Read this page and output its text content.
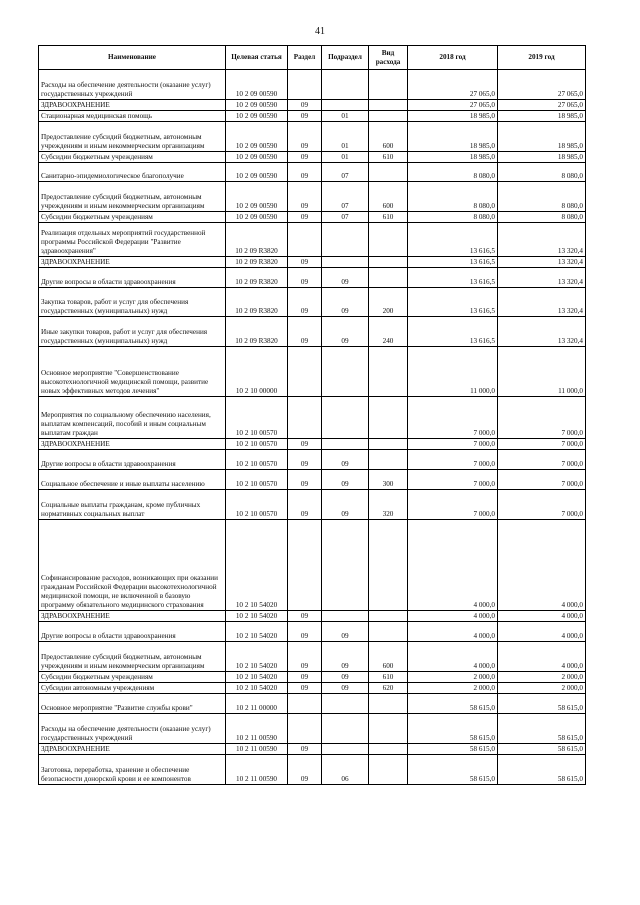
41
Наименование	Целевая статья	Раздел	Подраздел	Вид расхода	2018 год	2019 год
Расходы на обеспечение деятельности (оказание услуг) государственных учреждений	10 2 09 00590				27 065,0	27 065,0
ЗДРАВООХРАНЕНИЕ	10 2 09 00590	09			27 065,0	27 065,0
Стационарная медицинская помощь	10 2 09 00590	09	01		18 985,0	18 985,0
Предоставление субсидий бюджетным, автономным учреждениям и иным некоммерческим организациям	10 2 09 00590	09	01	600	18 985,0	18 985,0
Субсидии бюджетным учреждениям	10 2 09 00590	09	01	610	18 985,0	18 985,0
Санитарно-эпидемиологическое благополучие	10 2 09 00590	09	07		8 080,0	8 080,0
Предоставление субсидий бюджетным, автономным учреждениям и иным некоммерческим организациям	10 2 09 00590	09	07	600	8 080,0	8 080,0
Субсидии бюджетным учреждениям	10 2 09 00590	09	07	610	8 080,0	8 080,0
Реализация отдельных мероприятий государственной программы Российской Федерации "Развитие здравоохранения"	10 2 09 R3820				13 616,5	13 320,4
ЗДРАВООХРАНЕНИЕ	10 2 09 R3820	09			13 616,5	13 320,4
Другие вопросы в области здравоохранения	10 2 09 R3820	09	09		13 616,5	13 320,4
Закупка товаров, работ и услуг для обеспечения государственных (муниципальных) нужд	10 2 09 R3820	09	09	200	13 616,5	13 320,4
Иные закупки товаров, работ и услуг для обеспечения государственных (муниципальных) нужд	10 2 09 R3820	09	09	240	13 616,5	13 320,4
Основное мероприятие "Совершенствование высокотехнологичной медицинской помощи, развитие новых эффективных методов лечения"	10 2 10 00000				11 000,0	11 000,0
Мероприятия по социальному обеспечению населения, выплатам компенсаций, пособий и иным социальным выплатам граждан	10 2 10 00570				7 000,0	7 000,0
ЗДРАВООХРАНЕНИЕ	10 2 10 00570	09			7 000,0	7 000,0
Другие вопросы в области здравоохранения	10 2 10 00570	09	09		7 000,0	7 000,0
Социальное обеспечение и иные выплаты населению	10 2 10 00570	09	09	300	7 000,0	7 000,0
Социальные выплаты гражданам, кроме публичных нормативных социальных выплат	10 2 10 00570	09	09	320	7 000,0	7 000,0
Софинансирование расходов, возникающих при оказании гражданам Российской Федерации высокотехнологичной медицинской помощи, не включенной в базовую программу обязательного медицинского страхования	10 2 10 54020				4 000,0	4 000,0
ЗДРАВООХРАНЕНИЕ	10 2 10 54020	09			4 000,0	4 000,0
Другие вопросы в области здравоохранения	10 2 10 54020	09	09		4 000,0	4 000,0
Предоставление субсидий бюджетным, автономным учреждениям и иным некоммерческим организациям	10 2 10 54020	09	09	600	4 000,0	4 000,0
Субсидии бюджетным учреждениям	10 2 10 54020	09	09	610	2 000,0	2 000,0
Субсидии автономным учреждениям	10 2 10 54020	09	09	620	2 000,0	2 000,0
Основное мероприятие "Развитие службы крови"	10 2 11 00000				58 615,0	58 615,0
Расходы на обеспечение деятельности (оказание услуг) государственных учреждений	10 2 11 00590				58 615,0	58 615,0
ЗДРАВООХРАНЕНИЕ	10 2 11 00590	09			58 615,0	58 615,0
Заготовка, переработка, хранение и обеспечение безопасности донорской крови и ее компонентов	10 2 11 00590	09	06		58 615,0	58 615,0
